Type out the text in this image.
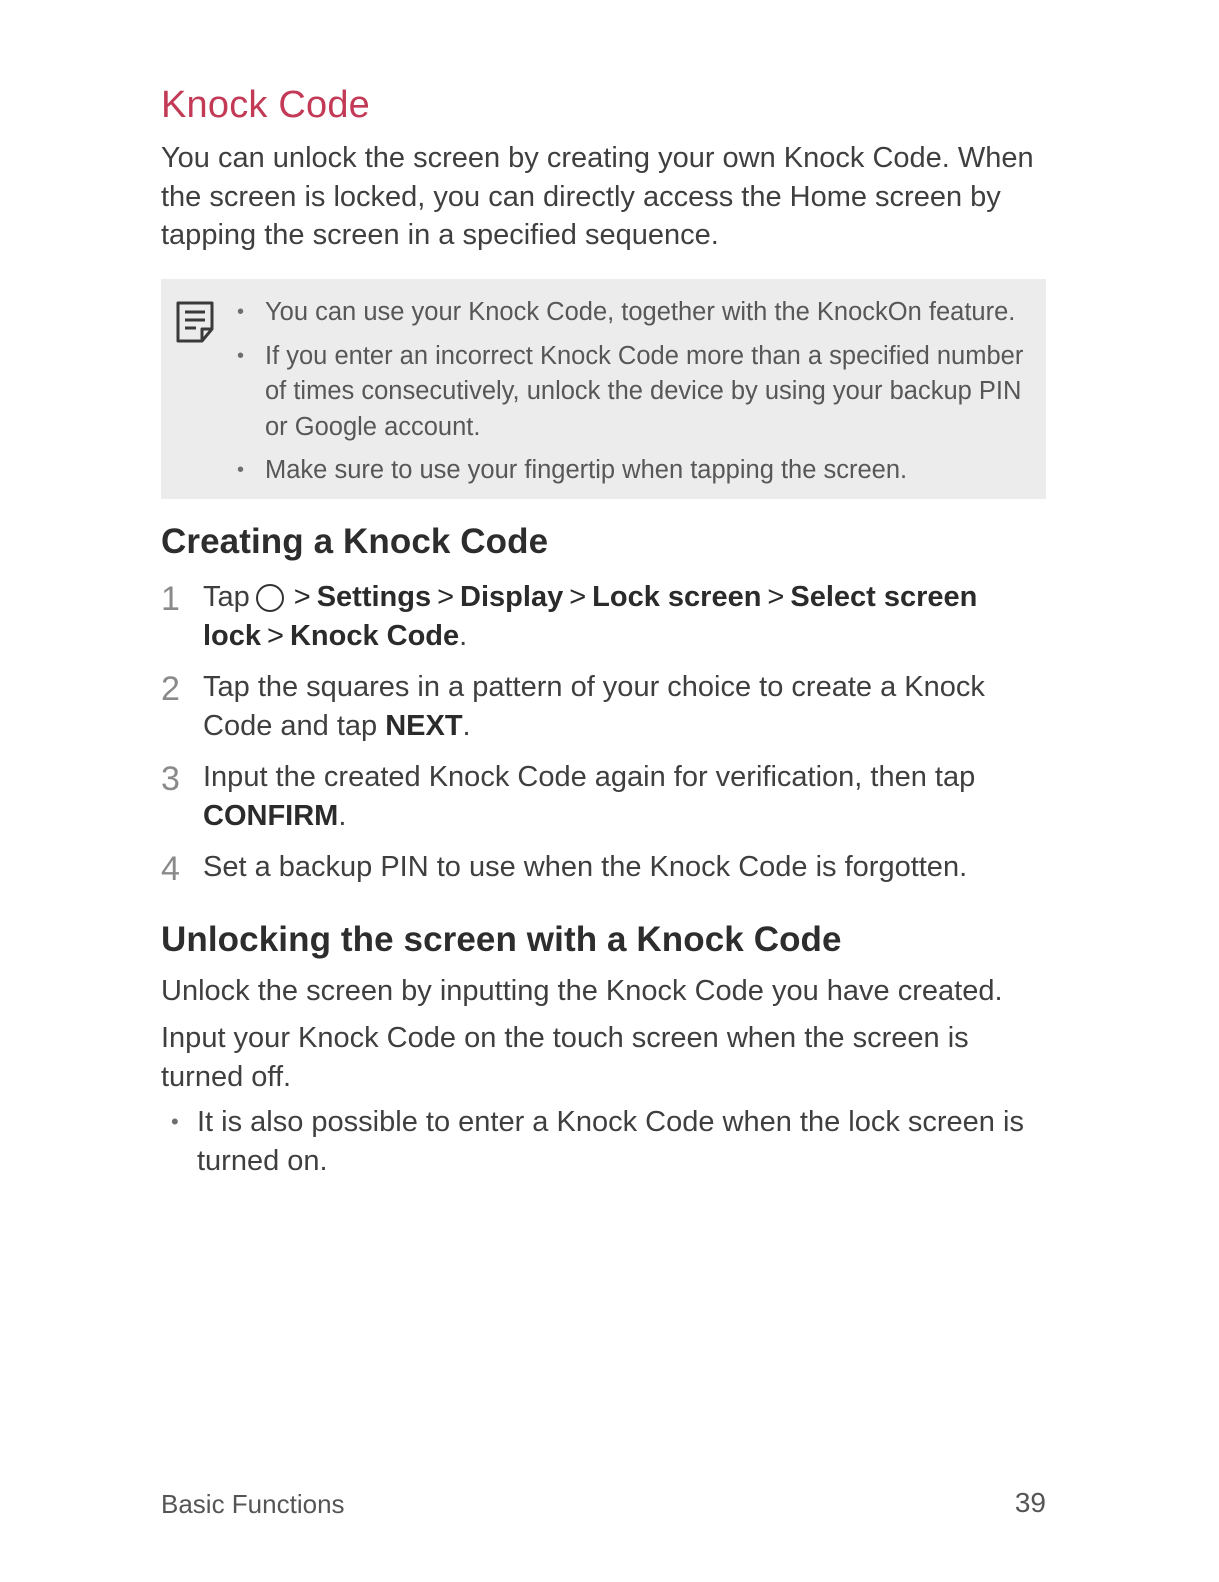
Knock Code

You can unlock the screen by creating your own Knock Code. When the screen is locked, you can directly access the Home screen by tapping the screen in a specified sequence.

• You can use your Knock Code, together with the KnockOn feature.
• If you enter an incorrect Knock Code more than a specified number of times consecutively, unlock the device by using your backup PIN or Google account.
• Make sure to use your fingertip when tapping the screen.
Creating a Knock Code
1 Tap > Settings > Display > Lock screen > Select screen lock > Knock Code.
2 Tap the squares in a pattern of your choice to create a Knock Code and tap NEXT.
3 Input the created Knock Code again for verification, then tap CONFIRM.
4 Set a backup PIN to use when the Knock Code is forgotten.
Unlocking the screen with a Knock Code

Unlock the screen by inputting the Knock Code you have created.

Input your Knock Code on the touch screen when the screen is turned off.

• It is also possible to enter a Knock Code when the lock screen is turned on.
Basic Functions	39
